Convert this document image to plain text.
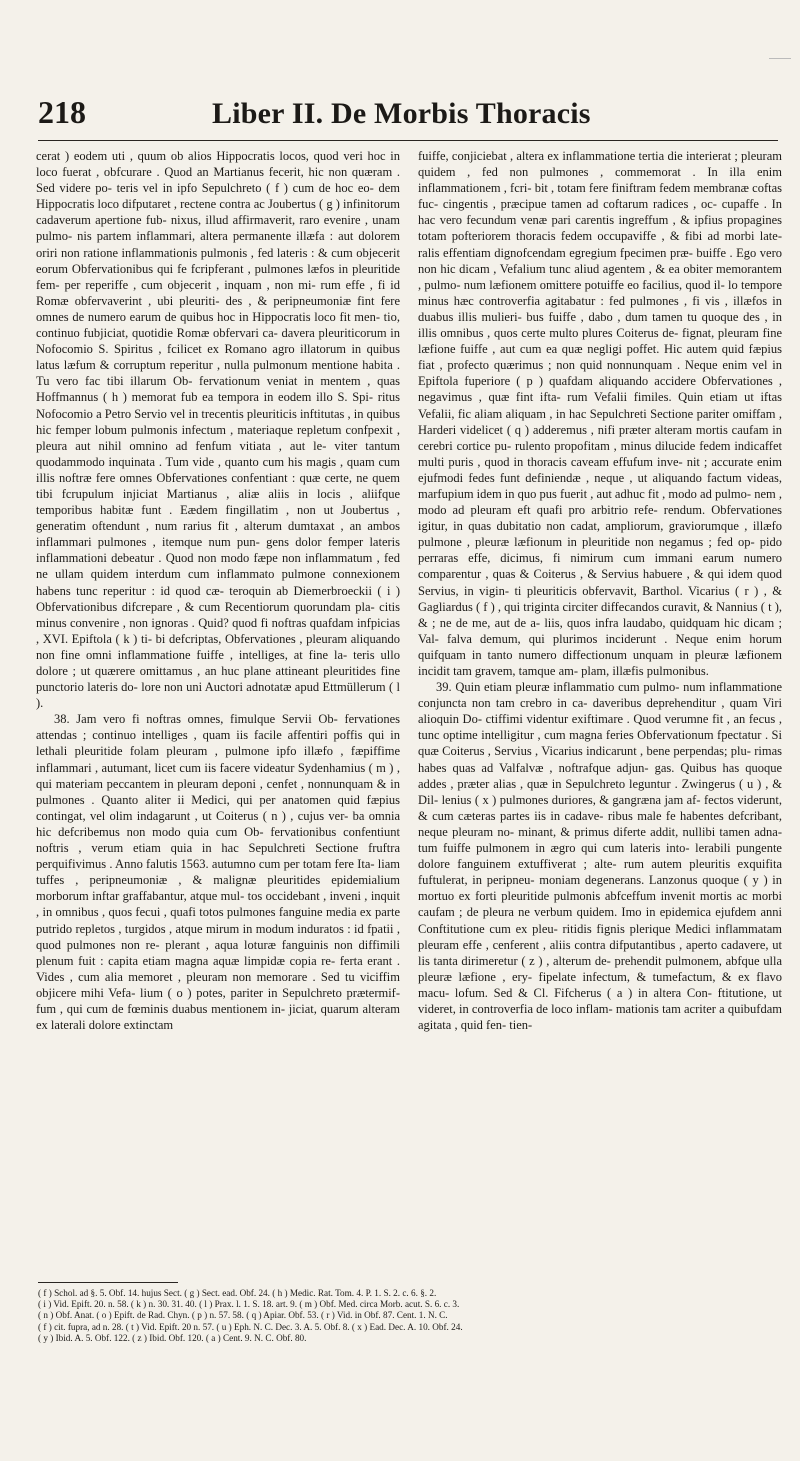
218	Liber II. De Morbis Thoracis

cerat ) eodem uti , quum ob alios Hippocratis locos, quod veri hoc in loco fuerat , obfcurare . Quod an Martianus fecerit, hic non quæram . Sed videre po- teris vel in ipfo Sepulchreto ( f ) cum de hoc eo- dem Hippocratis loco difputaret , rectene contra ac Joubertus ( g ) infinitorum cadaverum apertione fub- nixus, illud affirmaverit, raro evenire , unam pulmo- nis partem inflammari, altera permanente illæfa : aut dolorem oriri non ratione inflammationis pulmonis , fed lateris : & cum objecerit eorum Obfervationibus qui fe fcripferant , pulmones læfos in pleuritide fem- per reperiffe , cum objecerit , inquam , non mi- rum effe , fi id Romæ obfervaverint , ubi pleuriti- des , & peripneumoniæ fint fere omnes de numero earum de quibus hoc in Hippocratis loco fit men- tio, continuo fubjiciat, quotidie Romæ obfervari ca- davera pleuriticorum in Nofocomio S. Spiritus , fcilicet ex Romano agro illatorum in quibus latus læfum & corruptum reperitur , nulla pulmonum mentione habita . Tu vero fac tibi illarum Ob- fervationum veniat in mentem , quas Hoffmannus ( h ) memorat fub ea tempora in eodem illo S. Spi- ritus Nofocomio a Petro Servio vel in trecentis pleuriticis inftitutas , in quibus hic femper lobum pulmonis infectum , materiaque repletum confpexit , pleura aut nihil omnino ad fenfum vitiata , aut le- viter tantum quodammodo inquinata . Tum vide , quanto cum his magis , quam cum illis noftræ fere omnes Obfervationes confentiant : quæ certe, ne quem tibi fcrupulum injiciat Martianus , aliæ aliis in locis , aliifque temporibus habitæ funt . Eædem fingillatim , non ut Joubertus , generatim oftendunt , num rarius fit , alterum dumtaxat , an ambos inflammari pulmones , itemque num pun- gens dolor femper lateris inflammationi debeatur . Quod non modo fæpe non inflammatum , fed ne ullam quidem interdum cum inflammato pulmone connexionem habens tunc reperitur : id quod cæ- teroquin ab Diemerbroeckii ( i ) Obfervationibus difcrepare , & cum Recentiorum quorundam pla- citis minus convenire , non ignoras . Quid? quod fi noftras quafdam infpicias , XVI. Epiftola ( k ) ti- bi defcriptas, Obfervationes , pleuram aliquando non fine omni inflammatione fuiffe , intelliges, at fine la- teris ullo dolore ; ut quærere omittamus , an huc plane attineant pleuritides fine punctorio lateris do- lore non uni Auctori adnotatæ apud Ettmüllerum ( l ).

38. Jam vero fi noftras omnes, fimulque Servii Ob- fervationes attendas ; continuo intelliges , quam iis facile affentiri poffis qui in lethali pleuritide folam pleuram , pulmone ipfo illæfo , fæpiffime inflammari , autumant, licet cum iis facere videatur Sydenhamius ( m ) , qui materiam peccantem in pleuram deponi , cenfet , nonnunquam & in pulmones . Quanto aliter ii Medici, qui per anatomen quid fæpius contingat, vel olim indagarunt , ut Coiterus ( n ) , cujus ver- ba omnia hic defcribemus non modo quia cum Ob- fervationibus confentiunt noftris , verum etiam quia in hac Sepulchreti Sectione fruftra perquifivimus . Anno falutis 1563. autumno cum per totam fere Ita- liam tuffes , peripneumoniæ , & malignæ pleuritides epidemialium morborum inftar graffabantur, atque mul- tos occidebant , inveni , inquit , in omnibus , quos fecui , quafi totos pulmones fanguine media ex parte putrido repletos , turgidos , atque mirum in modum induratos : id fpatii , quod pulmones non re- plerant , aqua loturæ fanguinis non diffimili plenum fuit : capita etiam magna aquæ limpidæ copia re- ferta erant . Vides , cum alia memoret , pleuram non memorare . Sed tu viciffim objicere mihi Vefa- lium ( o ) potes, pariter in Sepulchreto prætermif- fum , qui cum de fœminis duabus mentionem in- jiciat, quarum alteram ex laterali dolore extinctam

fuiffe, conjiciebat , altera ex inflammatione tertia die interierat ; pleuram quidem , fed non pulmones , commemorat . In illa enim inflammationem , fcri- bit , totam fere finiftram fedem membranæ coftas fuc- cingentis , præcipue tamen ad coftarum radices , oc- cupaffe . In hac vero fecundum venæ pari carentis ingreffum , & ipfius propagines totam pofteriorem thoracis fedem occupaviffe , & fibi ad morbi late- ralis effentiam dignofcendam egregium fpecimen præ- buiffe . Ego vero non hic dicam , Vefalium tunc aliud agentem , & ea obiter memorantem , pulmo- num læfionem omittere potuiffe eo facilius, quod il- lo tempore minus hæc controverfia agitabatur : fed pulmones , fi vis , illæfos in duabus illis mulieri- bus fuiffe , dabo , dum tamen tu quoque des , in illis omnibus , quos certe multo plures Coiterus de- fignat, pleuram fine læfione fuiffe , aut cum ea quæ negligi poffet. Hic autem quid fæpius fiat , profecto quærimus ; non quid nonnunquam . Neque enim vel in Epiftola fuperiore ( p ) quafdam aliquando accidere Obfervationes , negavimus , quæ fint ifta- rum Vefalii fimiles. Quin etiam ut iftas Vefalii, fic aliam aliquam , in hac Sepulchreti Sectione pariter omiffam , Harderi videlicet ( q ) adderemus , nifi præter alteram mortis caufam in cerebri cortice pu- rulento propofitam , minus dilucide fedem indicaffet multi puris , quod in thoracis caveam effufum inve- nit ; accurate enim ejufmodi fedes funt definiendæ , neque , ut aliquando factum videas, marfupium idem in quo pus fuerit , aut adhuc fit , modo ad pulmo- nem , modo ad pleuram eft quafi pro arbitrio refe- rendum. Obfervationes igitur, in quas dubitatio non cadat, ampliorum, graviorumque , illæfo pulmone , pleuræ læfionum in pleuritide non negamus ; fed op- pido perraras effe, dicimus, fi nimirum cum immani earum numero comparentur , quas & Coiterus , & Servius habuere , & qui idem quod Servius, in vigin- ti pleuriticis obfervavit, Barthol. Vicarius ( r ) , & Gagliardus ( f ) , qui triginta circiter diffecandos curavit, & Nannius ( t ), & ; ne de me, aut de a- liis, quos infra laudabo, quidquam hic dicam ; Val- falva demum, qui plurimos inciderunt . Neque enim horum quifquam in tanto numero diffectionum unquam in pleuræ læfionem incidit tam gravem, tamque am- plam, illæfis pulmonibus.

39. Quin etiam pleuræ inflammatio cum pulmo- num inflammatione conjuncta non tam crebro in ca- daveribus deprehenditur , quam Viri alioquin Do- ctiffimi videntur exiftimare . Quod verumne fit , an fecus , tunc optime intelligitur , cum magna feries Obfervationum fpectatur . Si quæ Coiterus , Servius , Vicarius indicarunt , bene perpendas; plu- rimas habes quas ad Valfalvæ , noftrafque adjun- gas. Quibus has quoque addes , præter alias , quæ in Sepulchreto leguntur . Zwingerus ( u ) , & Dil- lenius ( x ) pulmones duriores, & gangræna jam af- fectos viderunt, & cum cæteras partes iis in cadave- ribus male fe habentes defcribant, neque pleuram no- minant, & primus diferte addit, nullibi tamen adna- tum fuiffe pulmonem in ægro qui cum lateris into- lerabili pungente dolore fanguinem extuffiverat ; alte- rum autem pleuritis exquifita fuftulerat, in peripneu- moniam degenerans. Lanzonus quoque ( y ) in mortuo ex forti pleuritide pulmonis abfceffum invenit mortis ac morbi caufam ; de pleura ne verbum quidem. Imo in epidemica ejufdem anni Conftitutione cum ex pleu- ritidis fignis plerique Medici inflammatam pleuram effe , cenferent , aliis contra difputantibus , aperto cadavere, ut lis tanta dirimeretur ( z ) , alterum de- prehendit pulmonem, abfque ulla pleuræ læfione , ery- fipelate infectum, & tumefactum, & ex flavo macu- lofum. Sed & Cl. Fifcherus ( a ) in altera Con- ftitutione, ut videret, in controverfia de loco inflam- mationis tam acriter a quibufdam agitata , quid fen- tien-

( f ) Schol. ad §. 5. Obf. 14. hujus Sect. ( g ) Sect. ead. Obf. 24. ( h ) Medic. Rat. Tom. 4. P. 1. S. 2. c. 6. §. 2.
( i ) Vid. Epift. 20. n. 58. ( k ) n. 30. 31. 40. ( l ) Prax. l. 1. S. 18. art. 9. ( m ) Obf. Med. circa Morb. acut. S. 6. c. 3.
( n ) Obf. Anat. ( o ) Epift. de Rad. Chyn. ( p ) n. 57. 58. ( q ) Apiar. Obf. 53. ( r ) Vid. in Obf. 87. Cent. 1. N. C.
( f ) cit. fupra, ad n. 28. ( t ) Vid. Epift. 20 n. 57. ( u ) Eph. N. C. Dec. 3. A. 5. Obf. 8. ( x ) Ead. Dec. A. 10. Obf. 24.
( y ) Ibid. A. 5. Obf. 122. ( z ) Ibid. Obf. 120. ( a ) Cent. 9. N. C. Obf. 80.
